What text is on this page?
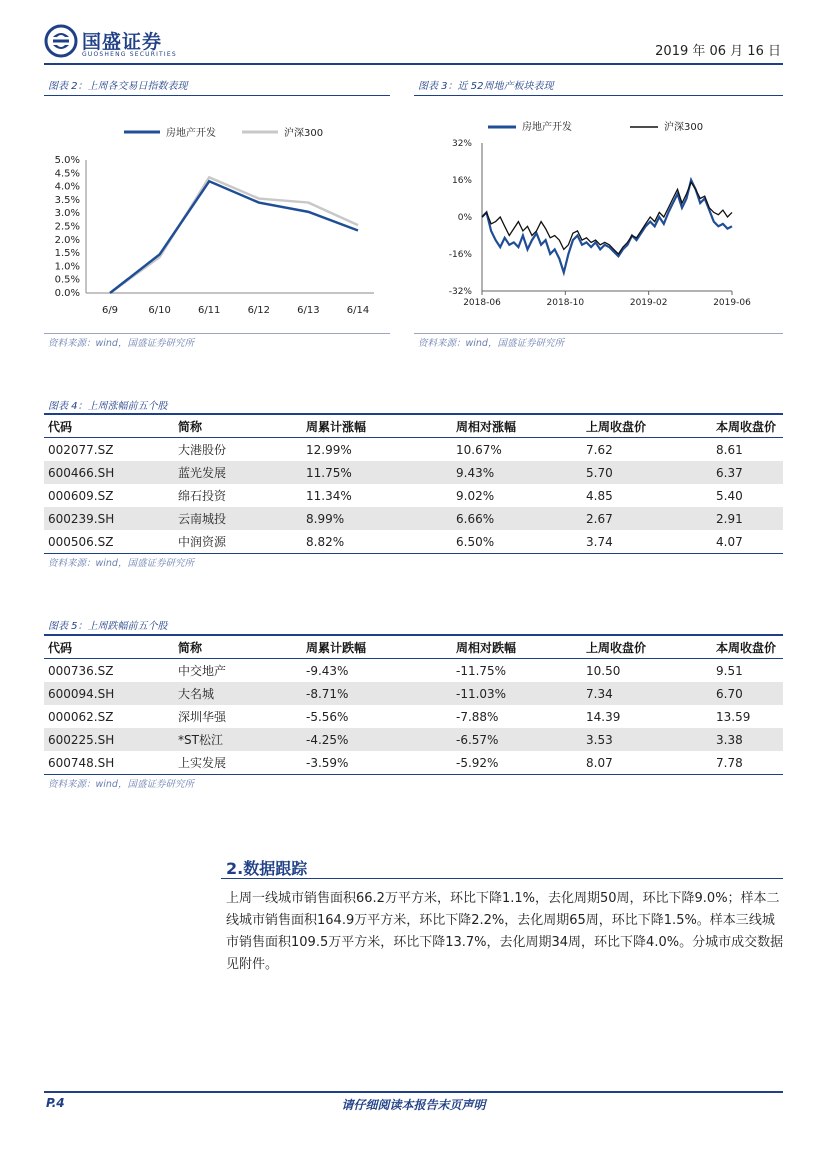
国盛证券
GUOSHENG SECURITIES	2019 年 06 月 16 日
图表 2：上周各交易日指数表现
0.0%
0.5%
1.0%
1.5%
2.0%
2.5%
3.0%
3.5%
4.0%
4.5%
5.0%
6/9	6/10	6/11	6/12	6/13	6/14
房地产开发	沪深300
资料来源：wind，国盛证券研究所
图表 3：近 52周地产板块表现
32%
16%
0%
-16%
-32%
2018-06	2018-10	2019-02	2019-06
房地产开发	沪深300
资料来源：wind，国盛证券研究所
图表 4：上周涨幅前五个股
代码	简称	周累计涨幅	周相对涨幅	上周收盘价	本周收盘价
002077.SZ	大港股份	12.99%	10.67%	7.62	8.61
600466.SH	蓝光发展	11.75%	9.43%	5.70	6.37
000609.SZ	绵石投资	11.34%	9.02%	4.85	5.40
600239.SH	云南城投	8.99%	6.66%	2.67	2.91
000506.SZ	中润资源	8.82%	6.50%	3.74	4.07
资料来源：wind，国盛证券研究所
图表 5：上周跌幅前五个股
代码	简称	周累计跌幅	周相对跌幅	上周收盘价	本周收盘价
000736.SZ	中交地产	-9.43%	-11.75%	10.50	9.51
600094.SH	大名城	-8.71%	-11.03%	7.34	6.70
000062.SZ	深圳华强	-5.56%	-7.88%	14.39	13.59
600225.SH	*ST松江	-4.25%	-6.57%	3.53	3.38
600748.SH	上实发展	-3.59%	-5.92%	8.07	7.78
资料来源：wind，国盛证券研究所
2.数据跟踪
上周一线城市销售面积66.2万平方米，环比下降1.1%，去化周期50周，环比下降9.0%；样本二线城市销售面积164.9万平方米，环比下降2.2%，去化周期65周，环比下降1.5%。样本三线城市销售面积109.5万平方米，环比下降13.7%，去化周期34周，环比下降4.0%。分城市成交数据见附件。
P.4	请仔细阅读本报告末页声明
